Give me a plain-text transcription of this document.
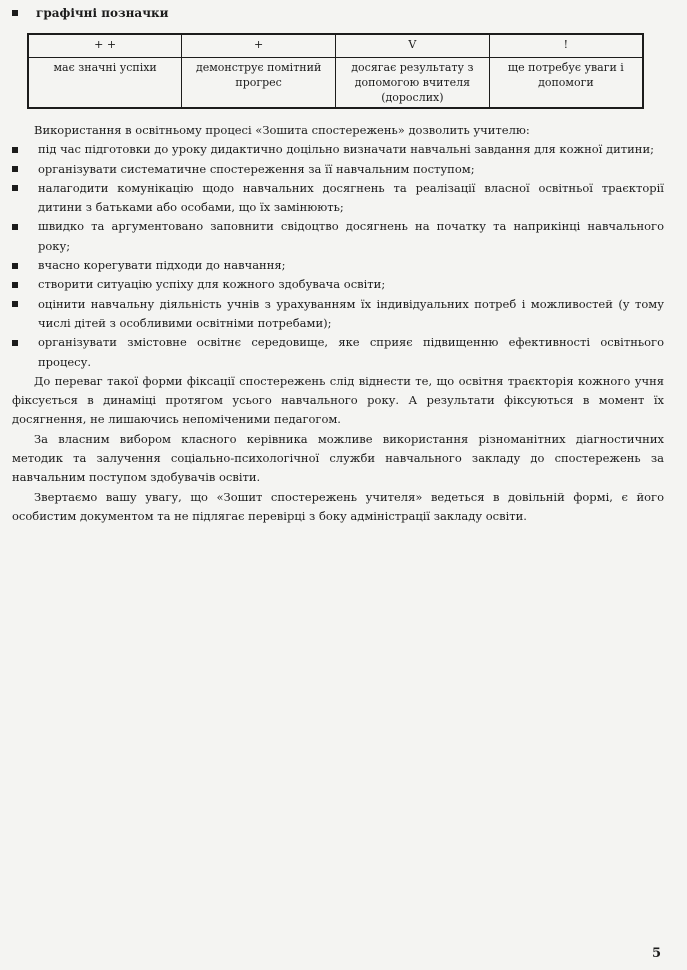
графічні позначки
+ +	+	V	!
має значні успіхи	демонструє помітний прогрес	досягає результату з допомогою вчителя (дорослих)	ще потребує уваги і допомоги

Використання в освітньому процесі «Зошита спостережень» дозволить учителю:

під час підготовки до уроку дидактично доцільно визначати навчальні завдання для кожної дитини;
організувати систематичне спостереження за її навчальним поступом;
налагодити комунікацію щодо навчальних досягнень та реалізації власної освітньої траєкторії дитини з батьками або особами, що їх замінюють;
швидко та аргументовано заповнити свідоцтво досягнень на початку та наприкінці навчального року;
вчасно корегувати підходи до навчання;
створити ситуацію успіху для кожного здобувача освіти;
оцінити навчальну діяльність учнів з урахуванням їх індивідуальних потреб і можливостей (у тому числі дітей з особливими освітніми потребами);
організувати змістовне освітнє середовище, яке сприяє підвищенню ефективності освітнього процесу.

До переваг такої форми фіксації спостережень слід віднести те, що освітня траєкторія кожного учня фіксується в динаміці протягом усього навчального року. А результати фіксуються в момент їх досягнення, не лишаючись непоміченими педагогом.

За власним вибором класного керівника можливе використання різноманітних діагностичних методик та залучення соціально-психологічної служби навчального закладу до спостережень за навчальним поступом здобувачів освіти.

Звертаємо вашу увагу, що «Зошит спостережень учителя» ведеться в довільній формі, є його особистим документом та не підлягає перевірці з боку адміністрації закладу освіти.

5
